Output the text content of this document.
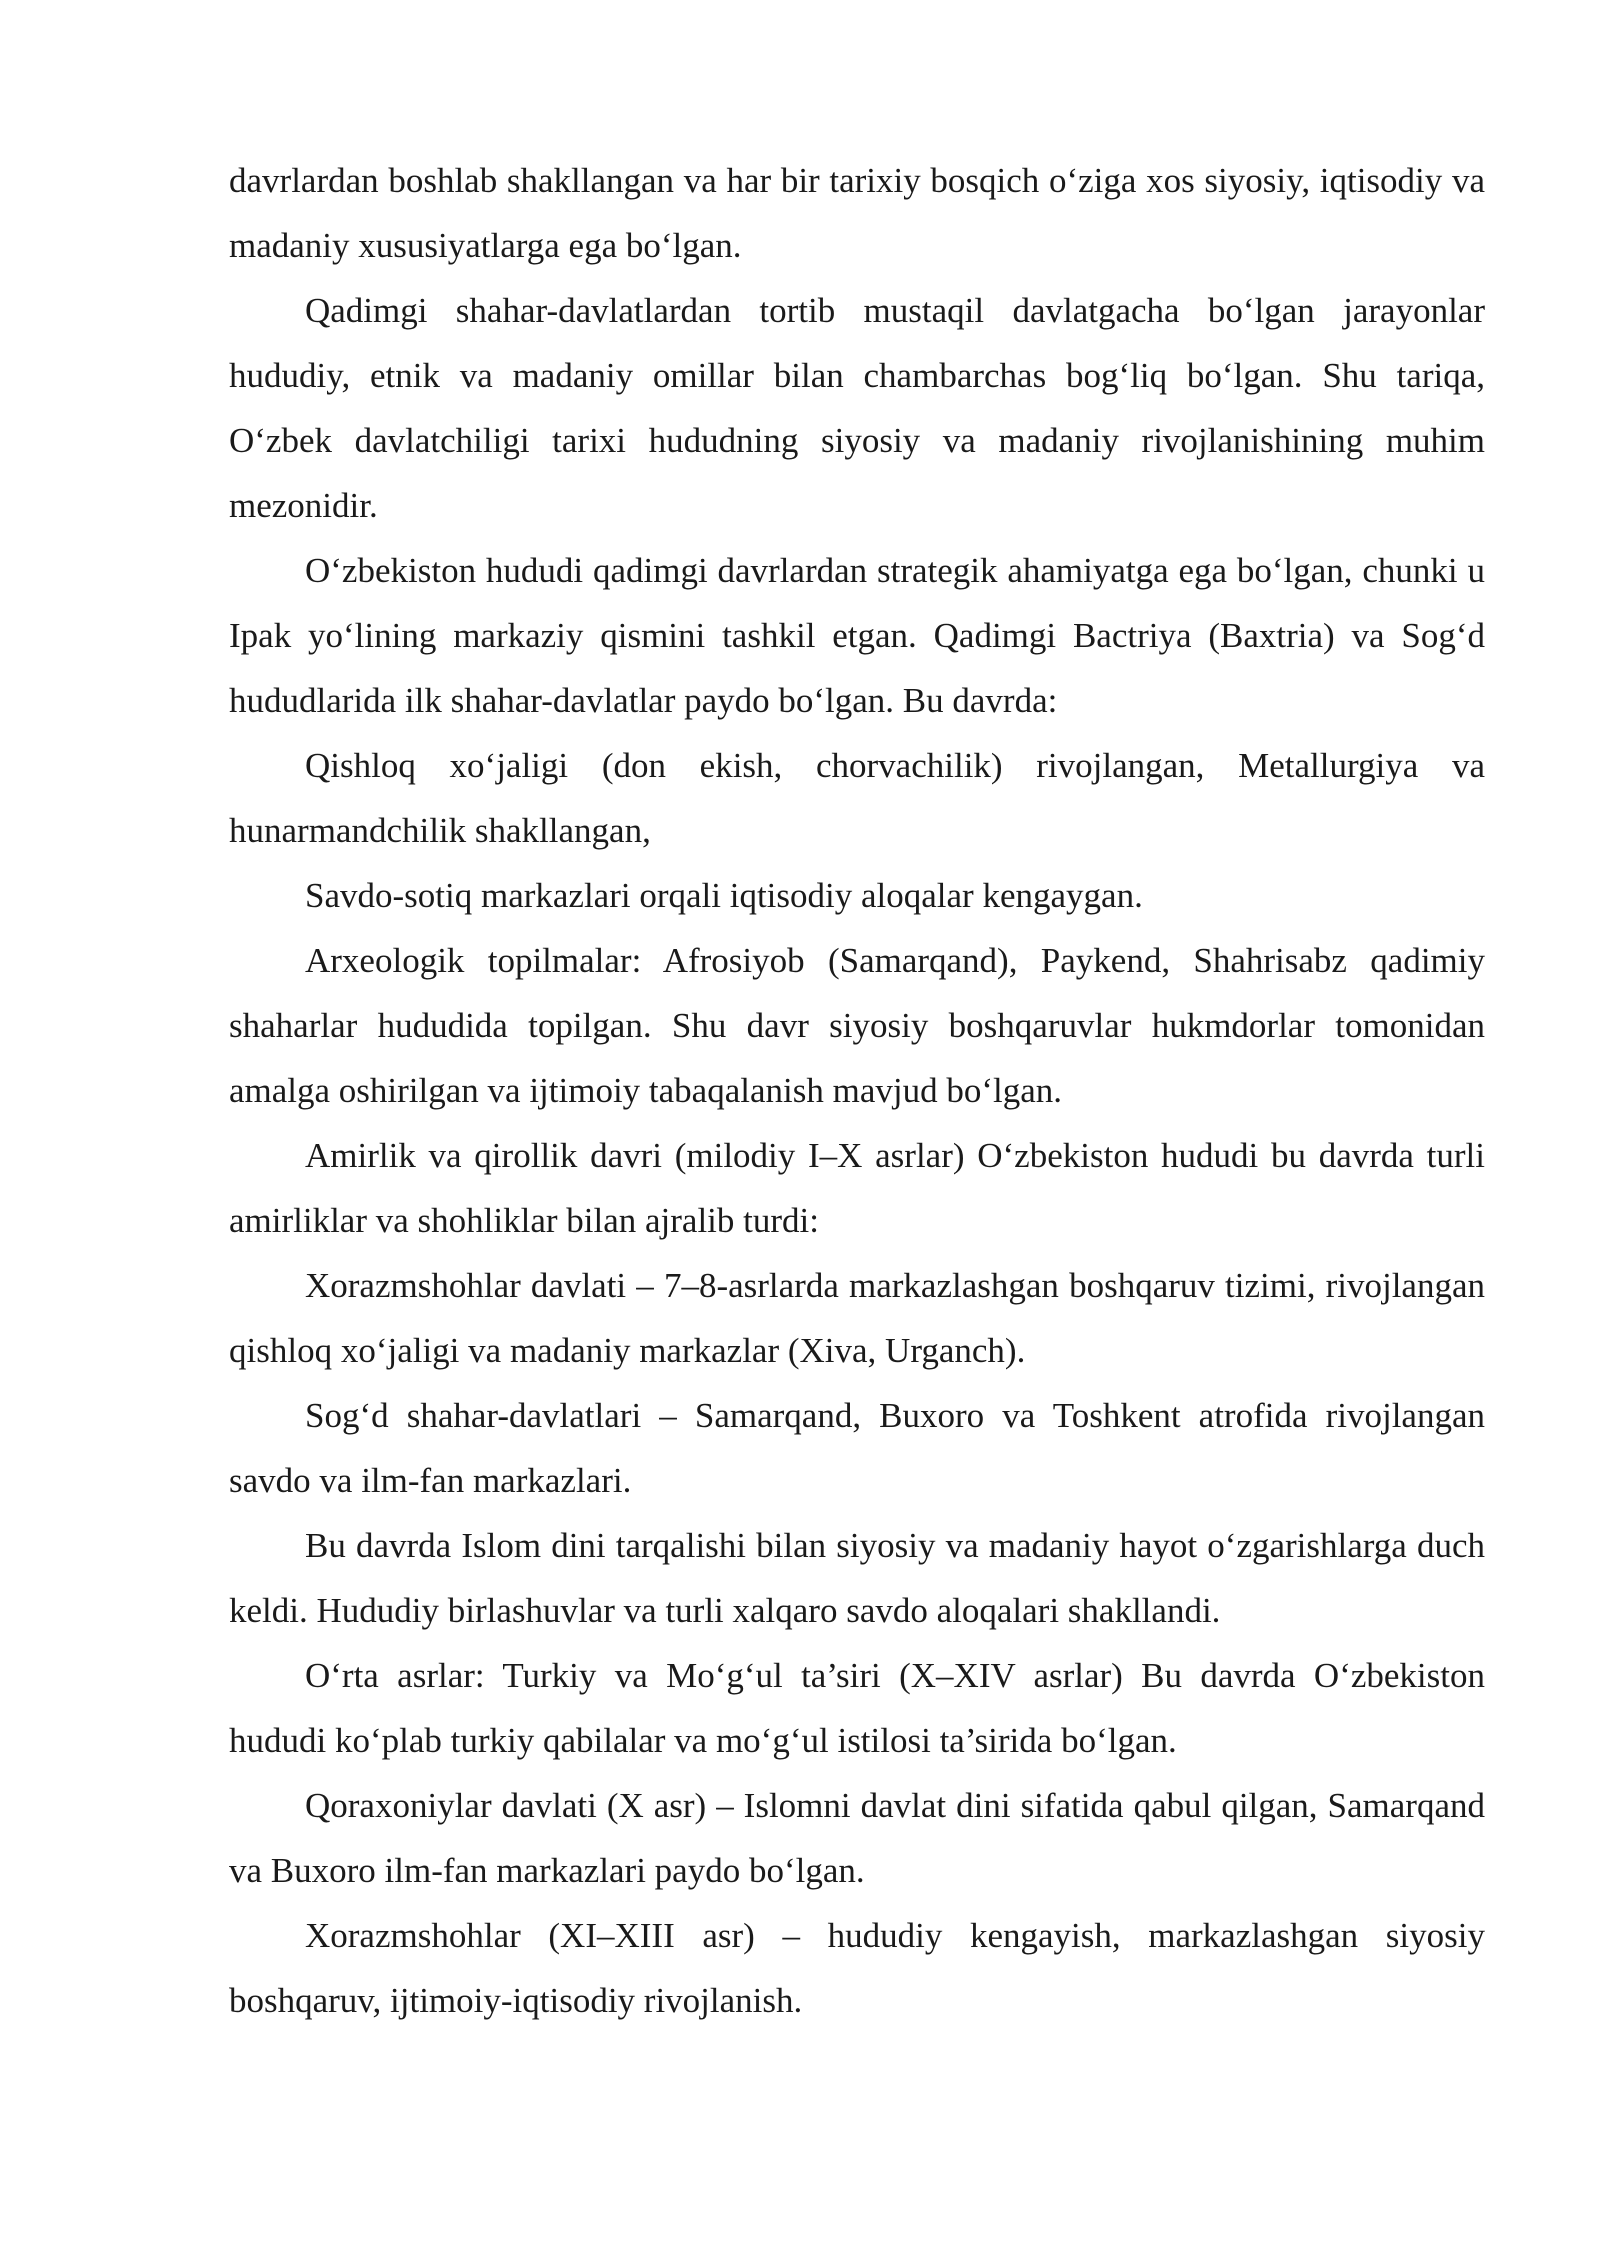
davrlardan boshlab shakllangan va har bir tarixiy bosqich o‘ziga xos siyosiy, iqtisodiy va madaniy xususiyatlarga ega bo‘lgan.

Qadimgi shahar-davlatlardan tortib mustaqil davlatgacha bo‘lgan jarayonlar hududiy, etnik va madaniy omillar bilan chambarchas bog‘liq bo‘lgan. Shu tariqa, O‘zbek davlatchiligi tarixi hududning siyosiy va madaniy rivojlanishining muhim mezonidir.

O‘zbekiston hududi qadimgi davrlardan strategik ahamiyatga ega bo‘lgan, chunki u Ipak yo‘lining markaziy qismini tashkil etgan. Qadimgi Bactriya (Baxtria) va Sog‘d hududlarida ilk shahar-davlatlar paydo bo‘lgan. Bu davrda:

Qishloq xo‘jaligi (don ekish, chorvachilik) rivojlangan, Metallurgiya va hunarmandchilik shakllangan,

Savdo-sotiq markazlari orqali iqtisodiy aloqalar kengaygan.

Arxeologik topilmalar: Afrosiyob (Samarqand), Paykend, Shahrisabz qadimiy shaharlar hududida topilgan. Shu davr siyosiy boshqaruvlar hukmdorlar tomonidan amalga oshirilgan va ijtimoiy tabaqalanish mavjud bo‘lgan.

Amirlik va qirollik davri (milodiy I–X asrlar) O‘zbekiston hududi bu davrda turli amirliklar va shohliklar bilan ajralib turdi:

Xorazmshohlar davlati – 7–8-asrlarda markazlashgan boshqaruv tizimi, rivojlangan qishloq xo‘jaligi va madaniy markazlar (Xiva, Urganch).

Sog‘d shahar-davlatlari – Samarqand, Buxoro va Toshkent atrofida rivojlangan savdo va ilm-fan markazlari.

Bu davrda Islom dini tarqalishi bilan siyosiy va madaniy hayot o‘zgarishlarga duch keldi. Hududiy birlashuvlar va turli xalqaro savdo aloqalari shakllandi.

O‘rta asrlar: Turkiy va Mo‘g‘ul ta’siri (X–XIV asrlar) Bu davrda O‘zbekiston hududi ko‘plab turkiy qabilalar va mo‘g‘ul istilosi ta’sirida bo‘lgan.

Qoraxoniylar davlati (X asr) – Islomni davlat dini sifatida qabul qilgan, Samarqand va Buxoro ilm-fan markazlari paydo bo‘lgan.

Xorazmshohlar (XI–XIII asr) – hududiy kengayish, markazlashgan siyosiy boshqaruv, ijtimoiy-iqtisodiy rivojlanish.
